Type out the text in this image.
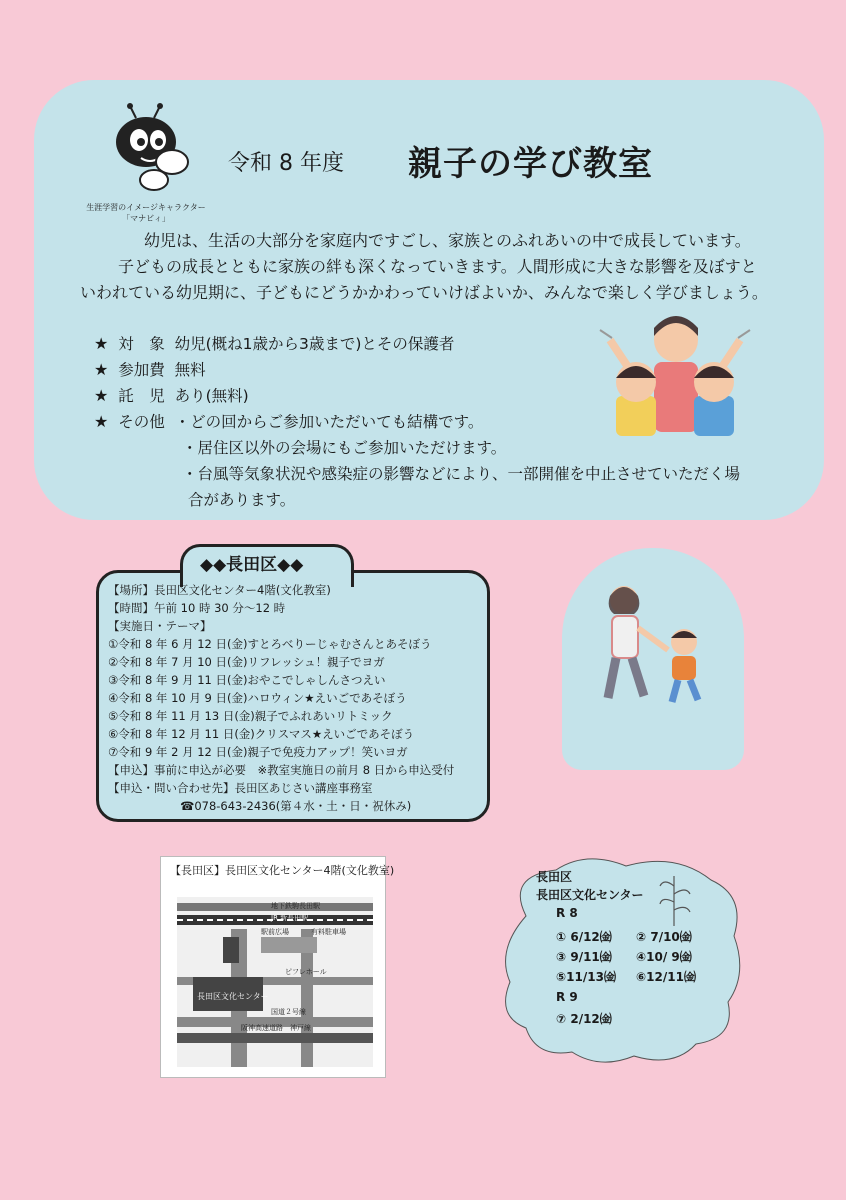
生涯学習のイメージキャラクター
「マナビィ」
令和 8 年度 親子の学び教室
幼児は、生活の大部分を家庭内ですごし、家族とのふれあいの中で成長しています。
子どもの成長とともに家族の絆も深くなっていきます。人間形成に大きな影響を及ぼすと
いわれている幼児期に、子どもにどうかかわっていけばよいか、みんなで楽しく学びましょう。
★ 対　象 幼児(概ね1歳から3歳まで)とその保護者
★ 参加費 無料
★ 託　児 あり(無料)
★ その他 ・どの回からご参加いただいても結構です。
・居住区以外の会場にもご参加いただけます。
・台風等気象状況や感染症の影響などにより、一部開催を中止させていただく場
合があります。
◆◆長田区◆◆
【場所】長田区文化センター4階(文化教室)
【時間】午前 10 時 30 分～12 時
【実施日・テーマ】
①令和 8 年 6 月 12 日(金)すとろべりーじゃむさんとあそぼう
②令和 8 年 7 月 10 日(金)リフレッシュ！親子でヨガ
③令和 8 年 9 月 11 日(金)おやこでしゃしんさつえい
④令和 8 年 10 月 9 日(金)ハロウィン★えいごであそぼう
⑤令和 8 年 11 月 13 日(金)親子でふれあいリトミック
⑥令和 8 年 12 月 11 日(金)クリスマス★えいごであそぼう
⑦令和 9 年 2 月 12 日(金)親子で免疫力アップ！笑いヨガ
【申込】事前に申込が必要　※教室実施日の前月 8 日から申込受付
【申込・問い合わせ先】長田区あじさい講座事務室
☎078-643-2436(第４水・土・日・祝休み)
地下鉄駒長田駅
JR 新長田駅
駅前広場	有料駐車場
ピフレホール
長田区文化センター
国道２号線
阪神高速道路　神戸線
【長田区】長田区文化センター4階(文化教室)	長田区
長田区文化センター
R 8
① 6/12㈮ ② 7/10㈮
③ 9/11㈮ ④10/ 9㈮
⑤11/13㈮ ⑥12/11㈮
R 9
⑦ 2/12㈮
